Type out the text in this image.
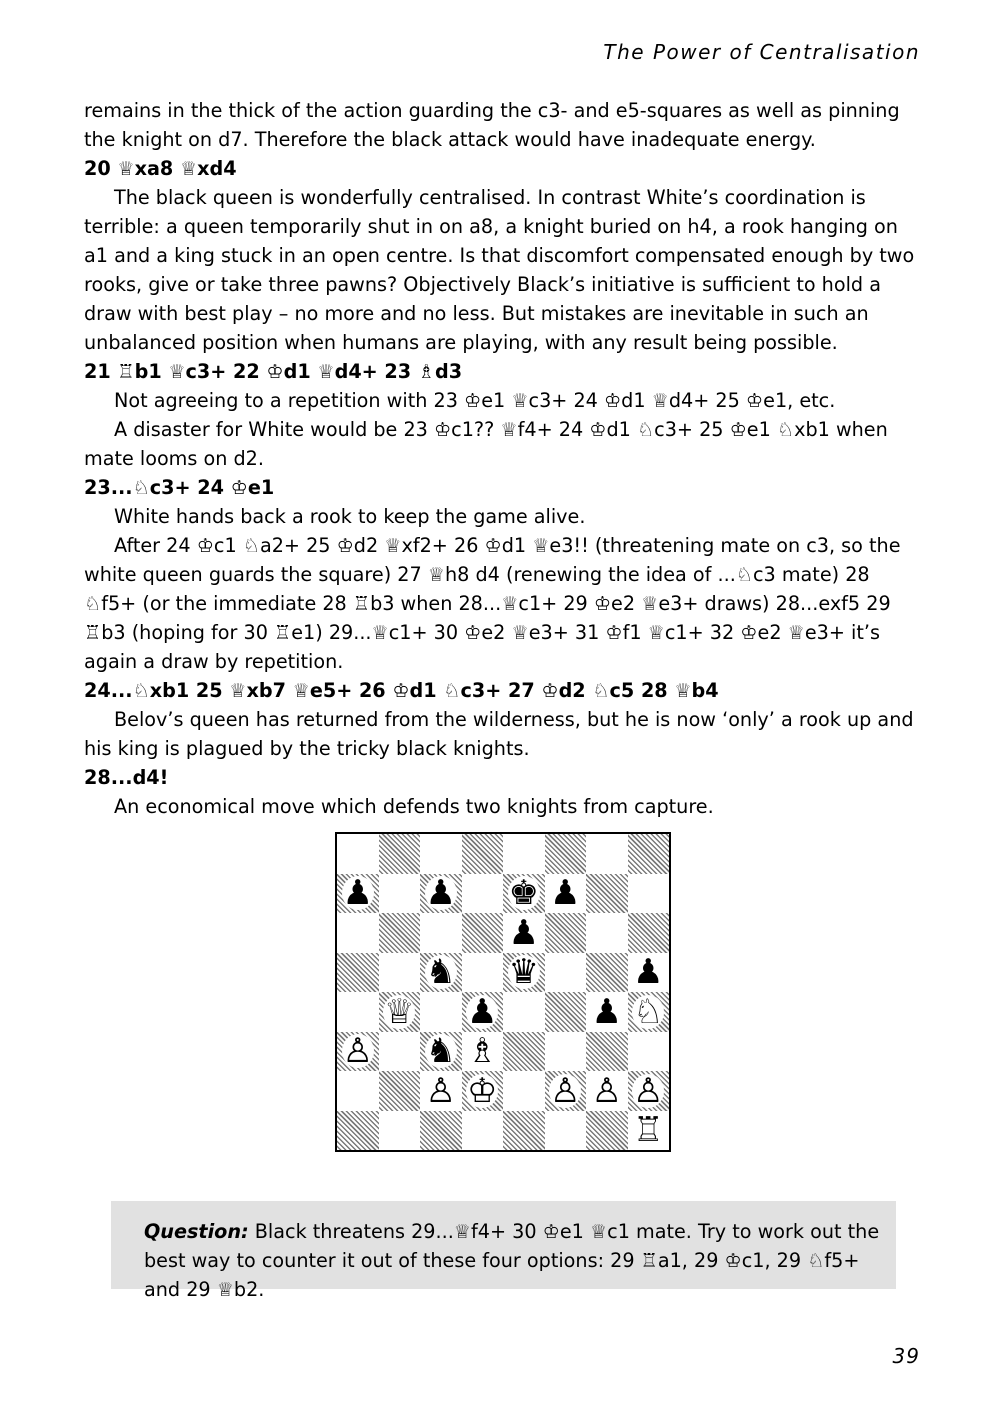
The Power of Centralisation

remains in the thick of the action guarding the c3- and e5-squares as well as pinning the knight on d7. Therefore the black attack would have inadequate energy.

20 ♕xa8 ♕xd4

The black queen is wonderfully centralised. In contrast White’s coordination is terrible: a queen temporarily shut in on a8, a knight buried on h4, a rook hanging on a1 and a king stuck in an open centre. Is that discomfort compensated enough by two rooks, give or take three pawns? Objectively Black’s initiative is sufficient to hold a draw with best play – no more and no less. But mistakes are inevitable in such an unbalanced position when humans are playing, with any result being possible.

21 ♖b1 ♕c3+ 22 ♔d1 ♕d4+ 23 ♗d3

Not agreeing to a repetition with 23 ♔e1 ♕c3+ 24 ♔d1 ♕d4+ 25 ♔e1, etc.

A disaster for White would be 23 ♔c1?? ♕f4+ 24 ♔d1 ♘c3+ 25 ♔e1 ♘xb1 when mate looms on d2.

23...♘c3+ 24 ♔e1

White hands back a rook to keep the game alive.

After 24 ♔c1 ♘a2+ 25 ♔d2 ♕xf2+ 26 ♔d1 ♕e3!! (threatening mate on c3, so the white queen guards the square) 27 ♕h8 d4 (renewing the idea of ...♘c3 mate) 28 ♘f5+ (or the immediate 28 ♖b3 when 28...♕c1+ 29 ♔e2 ♕e3+ draws) 28...exf5 29 ♖b3 (hoping for 30 ♖e1) 29...♕c1+ 30 ♔e2 ♕e3+ 31 ♔f1 ♕c1+ 32 ♔e2 ♕e3+ it’s again a draw by repetition.

24...♘xb1 25 ♕xb7 ♕e5+ 26 ♔d1 ♘c3+ 27 ♔d2 ♘c5 28 ♕b4

Belov’s queen has returned from the wilderness, but he is now ‘only’ a rook up and his king is plagued by the tricky black knights.

28...d4!

An economical move which defends two knights from capture.

♟ ♟ ♚ ♟
♟
♞ ♛	♟
♕ ♟	♟ ♘
♙ ♞ ♗
♙ ♔ ♙ ♙ ♙
♖
Question: Black threatens 29...♕f4+ 30 ♔e1 ♕c1 mate. Try to work out the best way to counter it out of these four options: 29 ♖a1, 29 ♔c1, 29 ♘f5+ and 29 ♕b2.
39
